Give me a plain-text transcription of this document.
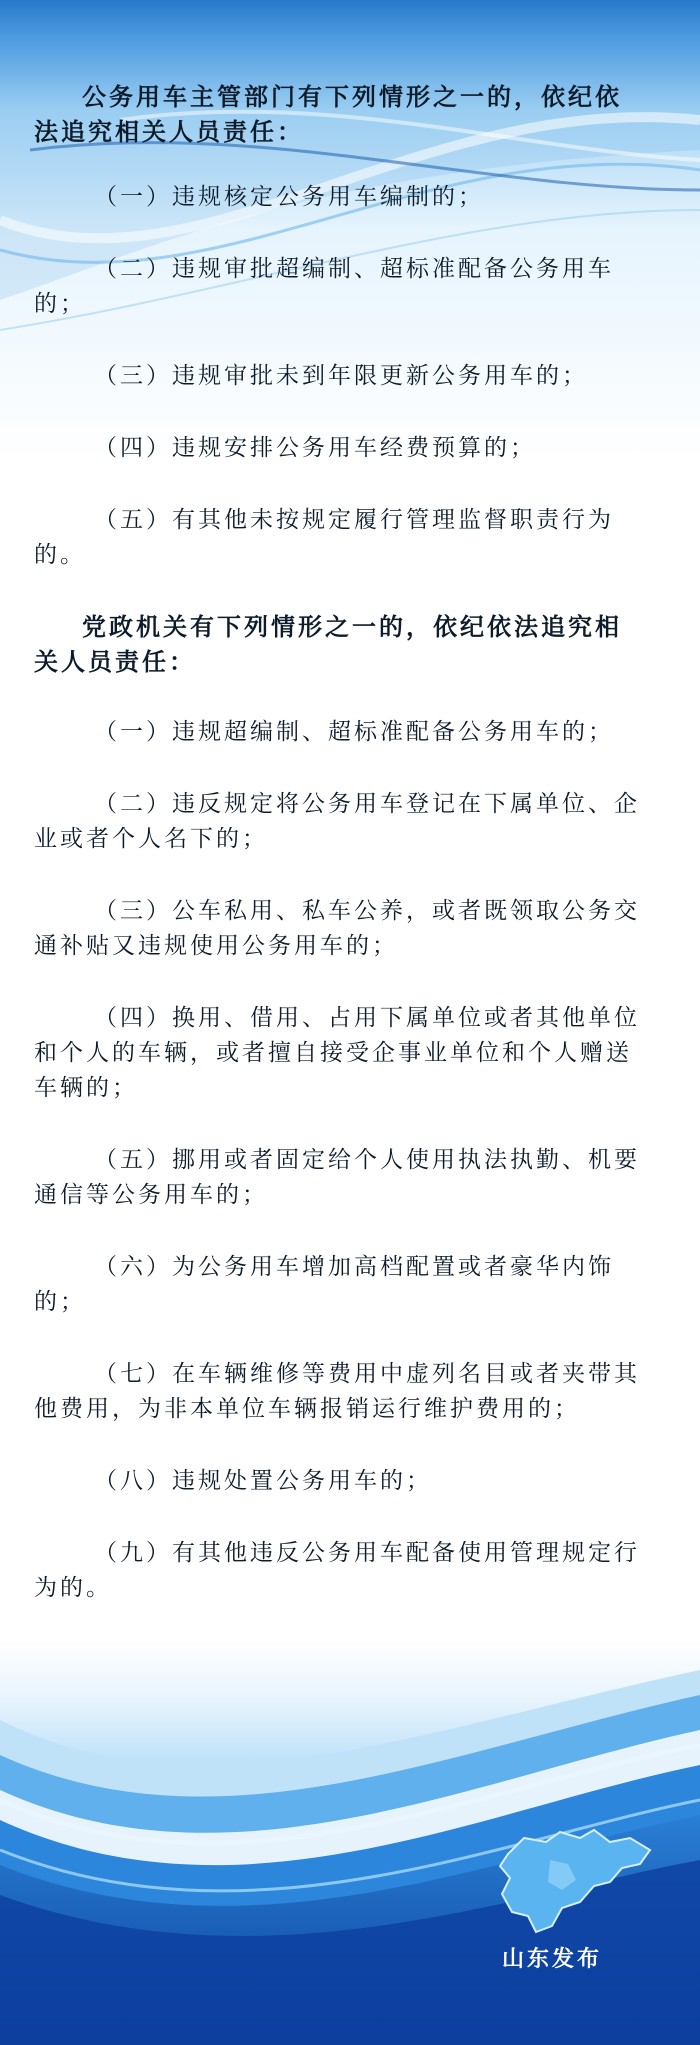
公务用车主管部门有下列情形之一的，依纪依法追究相关人员责任：

（一）违规核定公务用车编制的；

（二）违规审批超编制、超标准配备公务用车的；

（三）违规审批未到年限更新公务用车的；

（四）违规安排公务用车经费预算的；

（五）有其他未按规定履行管理监督职责行为的。

党政机关有下列情形之一的，依纪依法追究相关人员责任：

（一）违规超编制、超标准配备公务用车的；

（二）违反规定将公务用车登记在下属单位、企业或者个人名下的；

（三）公车私用、私车公养，或者既领取公务交通补贴又违规使用公务用车的；

（四）换用、借用、占用下属单位或者其他单位和个人的车辆，或者擅自接受企事业单位和个人赠送车辆的；

（五）挪用或者固定给个人使用执法执勤、机要通信等公务用车的；

（六）为公务用车增加高档配置或者豪华内饰的；

（七）在车辆维修等费用中虚列名目或者夹带其他费用，为非本单位车辆报销运行维护费用的；

（八）违规处置公务用车的；

（九）有其他违反公务用车配备使用管理规定行为的。

山东发布
